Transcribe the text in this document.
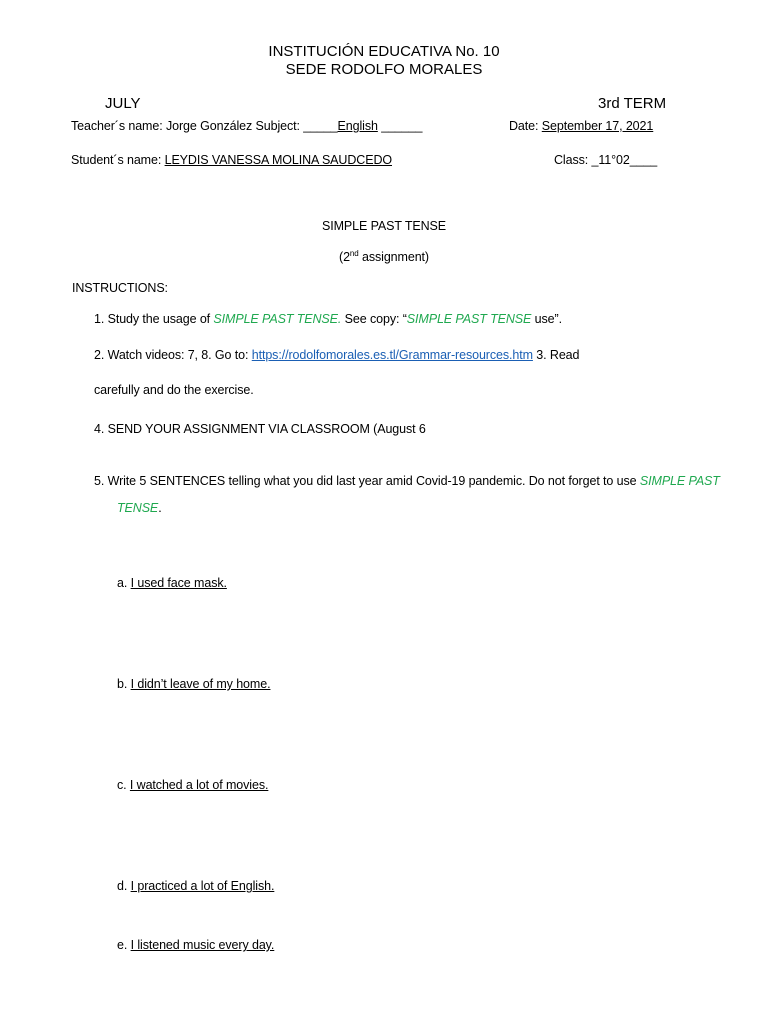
INSTITUCIÓN EDUCATIVA No. 10
SEDE RODOLFO MORALES
JULY	3rd TERM
Teacher´s name: Jorge González Subject: _____English ______	Date: September 17, 2021
Student´s name: LEYDIS VANESSA MOLINA SAUDCEDO	Class: _11°02____
SIMPLE PAST TENSE
(2nd assignment)
INSTRUCTIONS:
1. Study the usage of SIMPLE PAST TENSE. See copy: “SIMPLE PAST TENSE use”.
2. Watch videos: 7, 8. Go to: https://rodolfomorales.es.tl/Grammar-resources.htm 3. Read
carefully and do the exercise.
4. SEND YOUR ASSIGNMENT VIA CLASSROOM (August 6
5. Write 5 SENTENCES telling what you did last year amid Covid-19 pandemic. Do not forget to use SIMPLE PAST
TENSE.
a. I used face mask.
b. I didn’t leave of my home.
c. I watched a lot of movies.
d. I practiced a lot of English.
e. I listened music every day.
